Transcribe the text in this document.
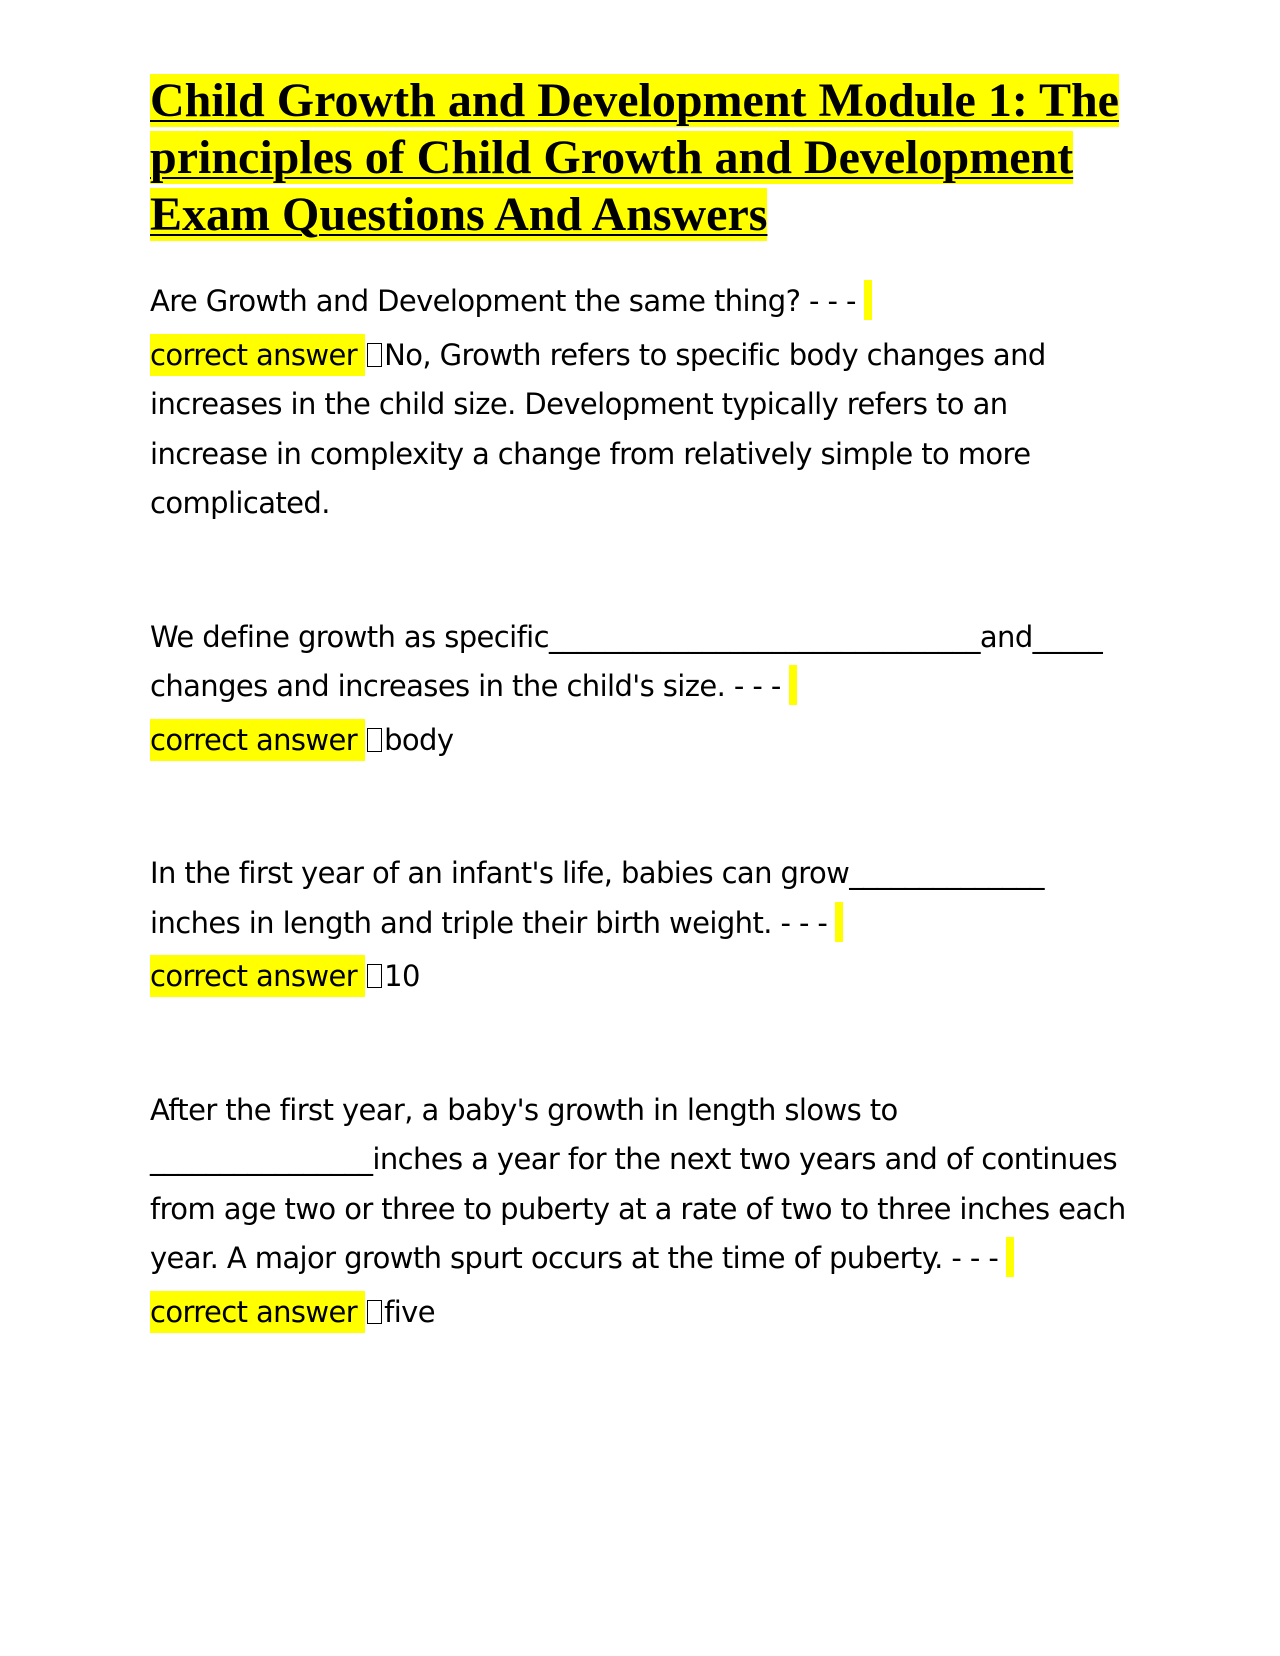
Child Growth and Development Module 1: The principles of Child Growth and Development Exam Questions And Answers

Are Growth and Development the same thing? - - -

correct answer No, Growth refers to specific body changes and increases in the child size. Development typically refers to an increase in complexity a change from relatively simple to more complicated.

We define growth as specific_______________________________and_____ changes and increases in the child's size. - - -

correct answer body

In the first year of an infant's life, babies can grow______________ inches in length and triple their birth weight. - - -

correct answer 10

After the first year, a baby's growth in length slows to ________________inches a year for the next two years and of continues from age two or three to puberty at a rate of two to three inches each year. A major growth spurt occurs at the time of puberty. - - -

correct answer five
